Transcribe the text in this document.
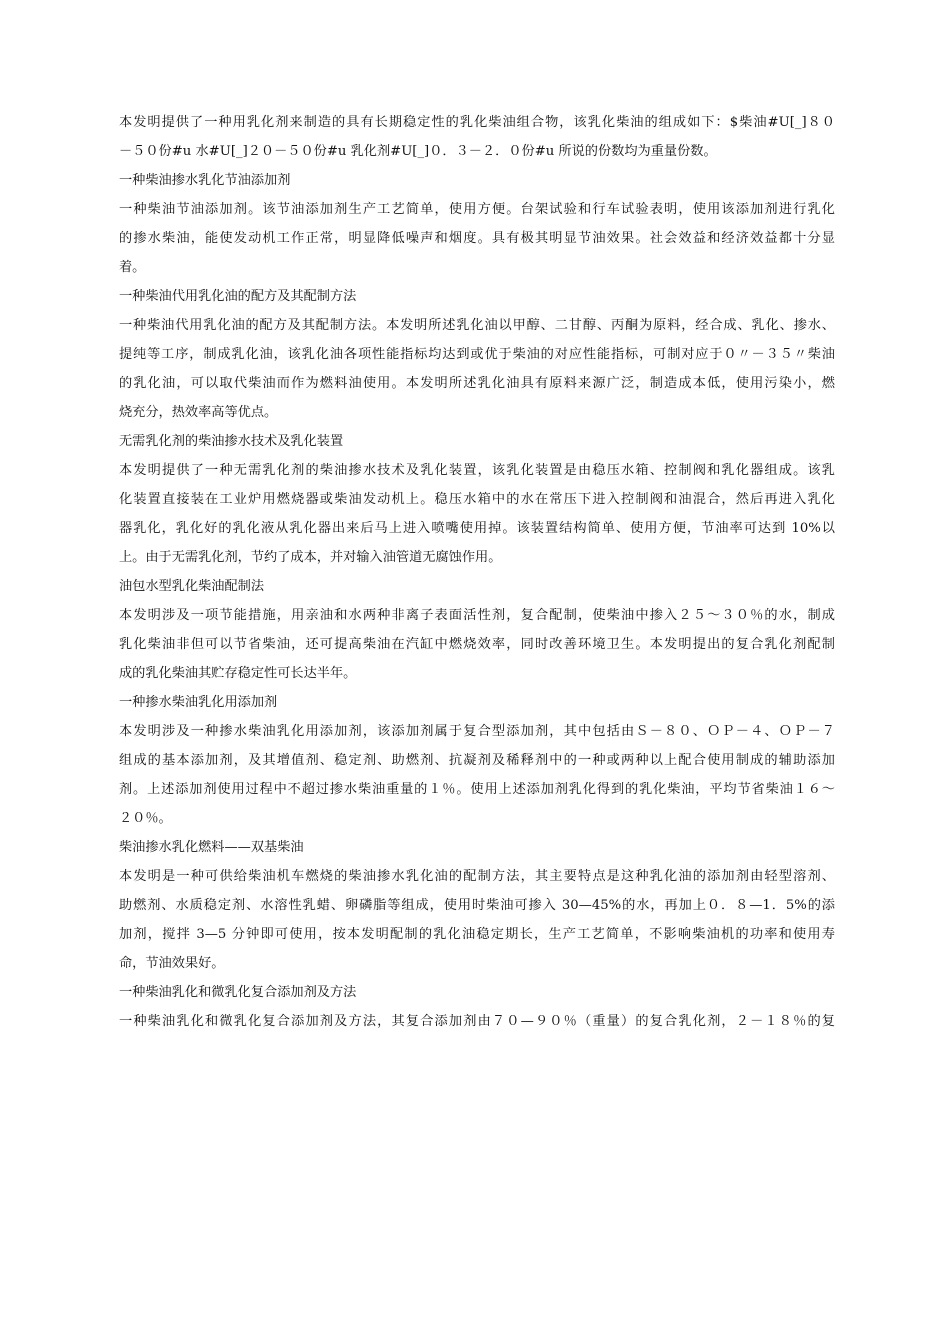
本发明提供了一种用乳化剂来制造的具有长期稳定性的乳化柴油组合物，该乳化柴油的组成如下：$柴油#U[_]８０
－５０份#u 水#U[_]２０－５０份#u 乳化剂#U[_]０．３－２．０份#u 所说的份数均为重量份数。
一种柴油掺水乳化节油添加剂
一种柴油节油添加剂。该节油添加剂生产工艺简单，使用方便。台架试验和行车试验表明，使用该添加剂进行乳化
的掺水柴油，能使发动机工作正常，明显降低噪声和烟度。具有极其明显节油效果。社会效益和经济效益都十分显
着。
一种柴油代用乳化油的配方及其配制方法
一种柴油代用乳化油的配方及其配制方法。本发明所述乳化油以甲醇、二甘醇、丙酮为原料，经合成、乳化、掺水、
提纯等工序，制成乳化油，该乳化油各项性能指标均达到或优于柴油的对应性能指标，可制对应于０〃－３５〃柴油
的乳化油，可以取代柴油而作为燃料油使用。本发明所述乳化油具有原料来源广泛，制造成本低，使用污染小，燃
烧充分，热效率高等优点。
无需乳化剂的柴油掺水技术及乳化装置
本发明提供了一种无需乳化剂的柴油掺水技术及乳化装置，该乳化装置是由稳压水箱、控制阀和乳化器组成。该乳
化装置直接装在工业炉用燃烧器或柴油发动机上。稳压水箱中的水在常压下进入控制阀和油混合，然后再进入乳化
器乳化，乳化好的乳化液从乳化器出来后马上进入喷嘴使用掉。该装置结构简单、使用方便，节油率可达到 10%以
上。由于无需乳化剂，节约了成本，并对输入油管道无腐蚀作用。
油包水型乳化柴油配制法
本发明涉及一项节能措施，用亲油和水两种非离子表面活性剂，复合配制，使柴油中掺入２５～３０％的水，制成
乳化柴油非但可以节省柴油，还可提高柴油在汽缸中燃烧效率，同时改善环境卫生。本发明提出的复合乳化剂配制
成的乳化柴油其贮存稳定性可长达半年。
一种掺水柴油乳化用添加剂
本发明涉及一种掺水柴油乳化用添加剂，该添加剂属于复合型添加剂，其中包括由Ｓ－８０、ＯＰ－４、ＯＰ－７
组成的基本添加剂，及其增值剂、稳定剂、助燃剂、抗凝剂及稀释剂中的一种或两种以上配合使用制成的辅助添加
剂。上述添加剂使用过程中不超过掺水柴油重量的１％。使用上述添加剂乳化得到的乳化柴油，平均节省柴油１６～
２０％。
柴油掺水乳化燃料——双基柴油
本发明是一种可供给柴油机车燃烧的柴油掺水乳化油的配制方法，其主要特点是这种乳化油的添加剂由轻型溶剂、
助燃剂、水质稳定剂、水溶性乳蜡、卵磷脂等组成，使用时柴油可掺入 30—45%的水，再加上０．８—1．5%的添
加剂，搅拌 3—5 分钟即可使用，按本发明配制的乳化油稳定期长，生产工艺简单，不影响柴油机的功率和使用寿
命，节油效果好。
一种柴油乳化和微乳化复合添加剂及方法
一种柴油乳化和微乳化复合添加剂及方法，其复合添加剂由７０—９０％（重量）的复合乳化剂，２－１８％的复
